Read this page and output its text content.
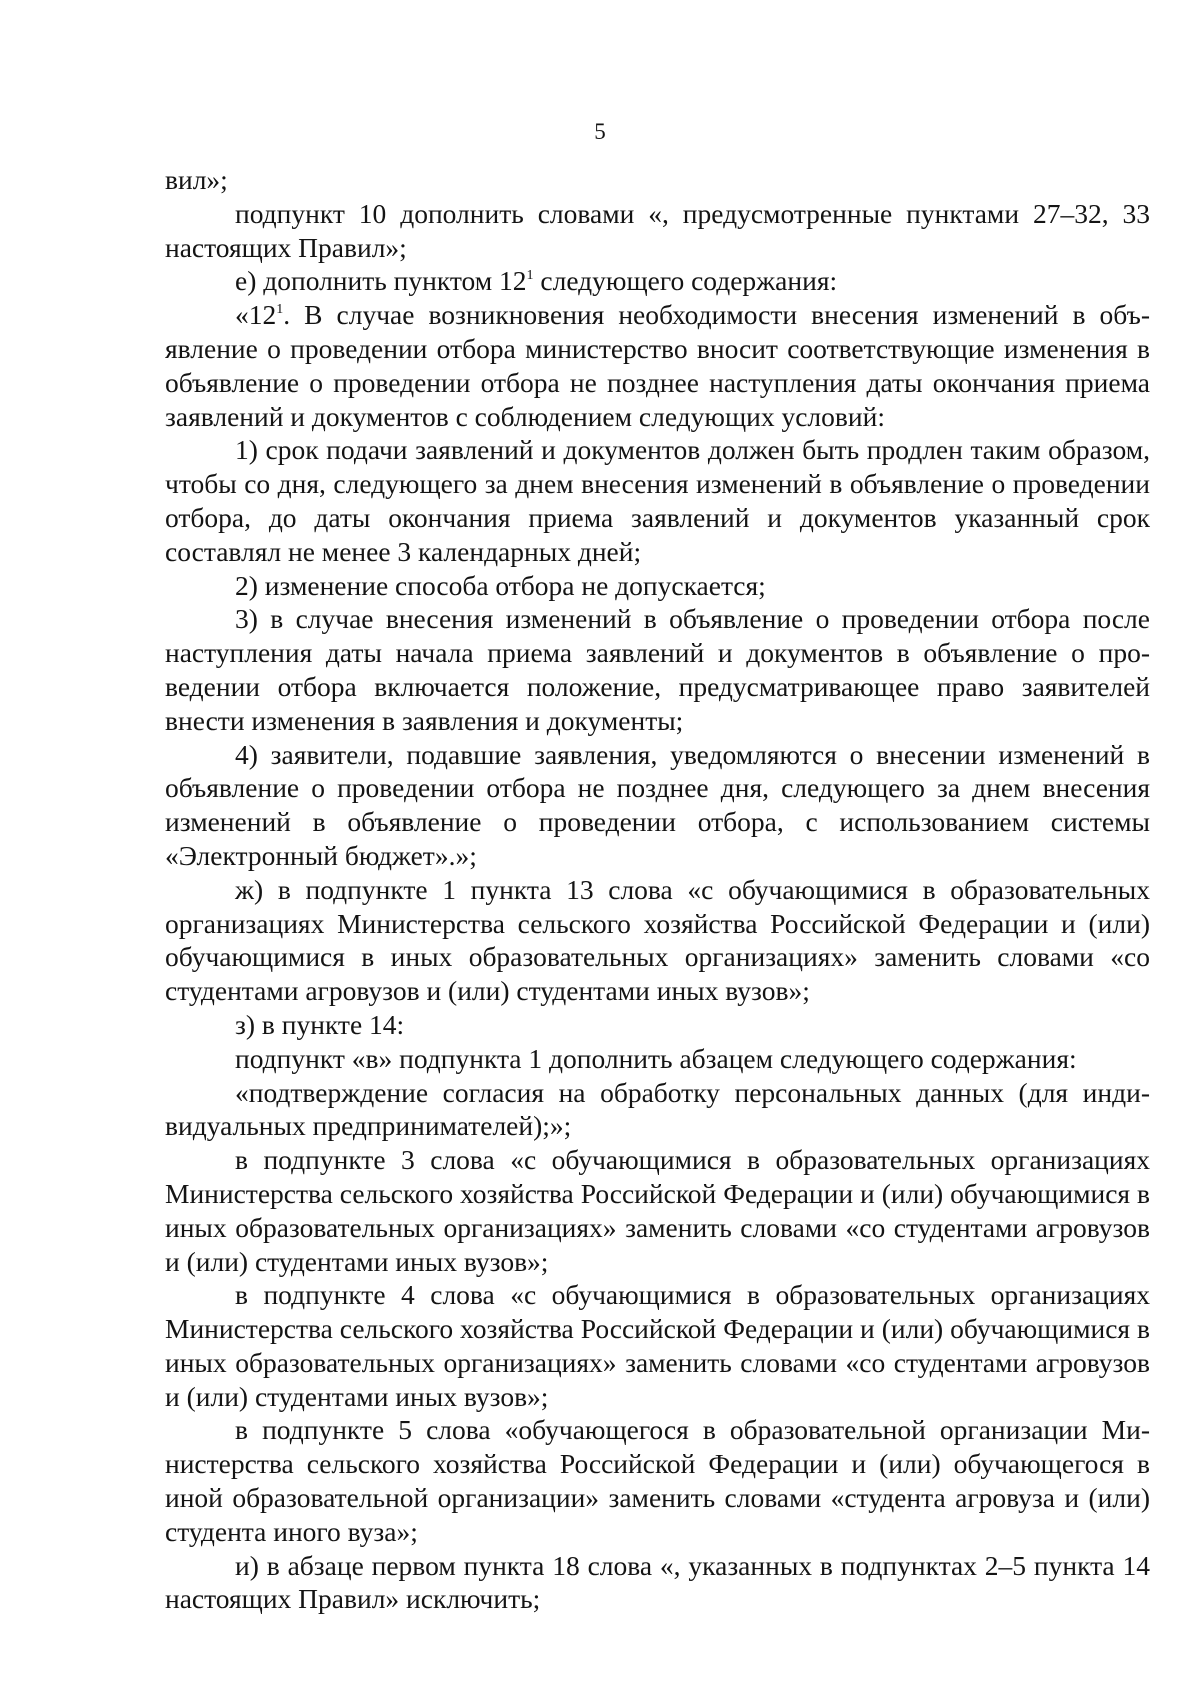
5

вил»;

подпункт 10 дополнить словами «, предусмотренные пунктами 27–32, 33 настоящих Правил»;

е) дополнить пунктом $12^1$ следующего содержания:

«$12^1$. В случае возникновения необходимости внесения изменений в объявление о проведении отбора министерство вносит соответствующие изменения в объявление о проведении отбора не позднее наступления даты окончания приема заявлений и документов с соблюдением следующих условий:

1) срок подачи заявлений и документов должен быть продлен таким образом, чтобы со дня, следующего за днем внесения изменений в объявление о проведении отбора, до даты окончания приема заявлений и документов указанный срок составлял не менее 3 календарных дней;

2) изменение способа отбора не допускается;

3) в случае внесения изменений в объявление о проведении отбора после наступления даты начала приема заявлений и документов в объявление о проведении отбора включается положение, предусматривающее право заявителей внести изменения в заявления и документы;

4) заявители, подавшие заявления, уведомляются о внесении изменений в объявление о проведении отбора не позднее дня, следующего за днем внесения изменений в объявление о проведении отбора, с использованием системы «Электронный бюджет».»;

ж) в подпункте 1 пункта 13 слова «с обучающимися в образовательных организациях Министерства сельского хозяйства Российской Федерации и (или) обучающимися в иных образовательных организациях» заменить словами «со студентами агровузов и (или) студентами иных вузов»;

з) в пункте 14:

подпункт «в» подпункта 1 дополнить абзацем следующего содержания:

«подтверждение согласия на обработку персональных данных (для индивидуальных предпринимателей);»;

в подпункте 3 слова «с обучающимися в образовательных организациях Министерства сельского хозяйства Российской Федерации и (или) обучающимися в иных образовательных организациях» заменить словами «со студентами агровузов и (или) студентами иных вузов»;

в подпункте 4 слова «с обучающимися в образовательных организациях Министерства сельского хозяйства Российской Федерации и (или) обучающимися в иных образовательных организациях» заменить словами «со студентами агровузов и (или) студентами иных вузов»;

в подпункте 5 слова «обучающегося в образовательной организации Министерства сельского хозяйства Российской Федерации и (или) обучающегося в иной образовательной организации» заменить словами «студента агровуза и (или) студента иного вуза»;

и) в абзаце первом пункта 18 слова «, указанных в подпунктах 2–5 пункта 14 настоящих Правил» исключить;
